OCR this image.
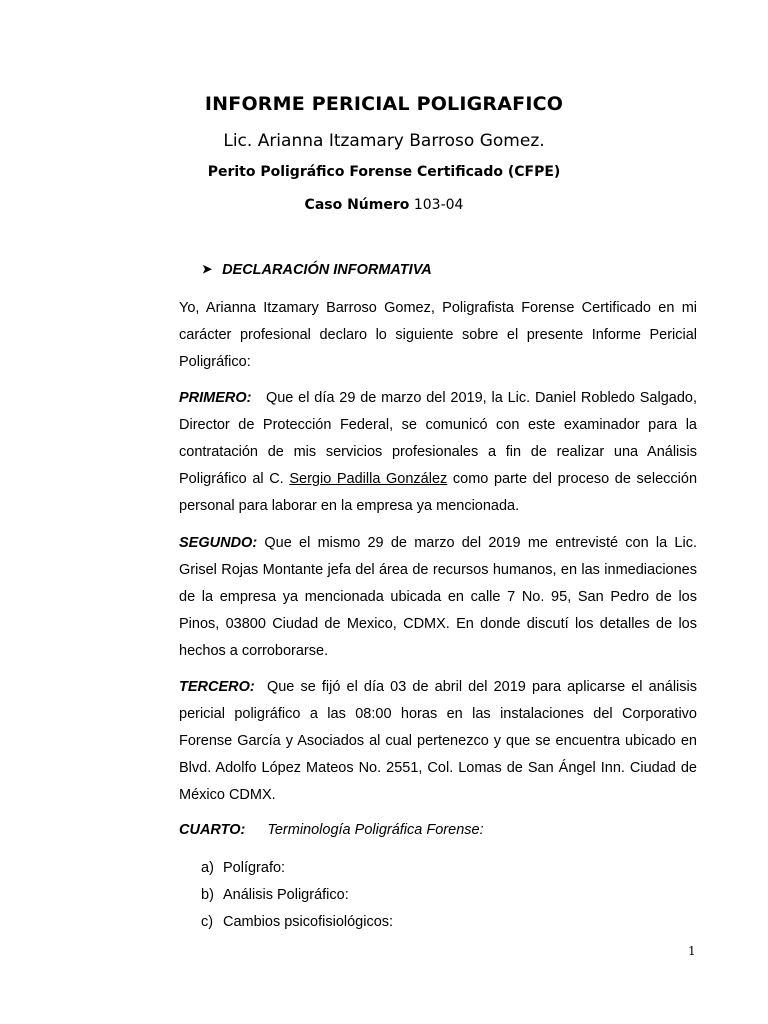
INFORME PERICIAL POLIGRAFICO
Lic. Arianna Itzamary Barroso Gomez.
Perito Poligráfico Forense Certificado (CFPE)
Caso Número 103-04
➤ DECLARACIÓN INFORMATIVA

Yo, Arianna Itzamary Barroso Gomez, Poligrafista Forense Certificado en mi carácter profesional declaro lo siguiente sobre el presente Informe Pericial Poligráfico:

PRIMERO: Que el día 29 de marzo del 2019, la Lic. Daniel Robledo Salgado, Director de Protección Federal, se comunicó con este examinador para la contratación de mis servicios profesionales a fin de realizar una Análisis Poligráfico al C. Sergio Padilla González como parte del proceso de selección personal para laborar en la empresa ya mencionada.

SEGUNDO: Que el mismo 29 de marzo del 2019 me entrevisté con la Lic. Grisel Rojas Montante jefa del área de recursos humanos, en las inmediaciones de la empresa ya mencionada ubicada en calle 7 No. 95, San Pedro de los Pinos, 03800 Ciudad de Mexico, CDMX. En donde discutí los detalles de los hechos a corroborarse.

TERCERO: Que se fijó el día 03 de abril del 2019 para aplicarse el análisis pericial poligráfico a las 08:00 horas en las instalaciones del Corporativo Forense García y Asociados al cual pertenezco y que se encuentra ubicado en Blvd. Adolfo López Mateos No. 2551, Col. Lomas de San Ángel Inn. Ciudad de México CDMX.

CUARTO: Terminología Poligráfica Forense:
a) Polígrafo:
b) Análisis Poligráfico:
c) Cambios psicofisiológicos:
1
